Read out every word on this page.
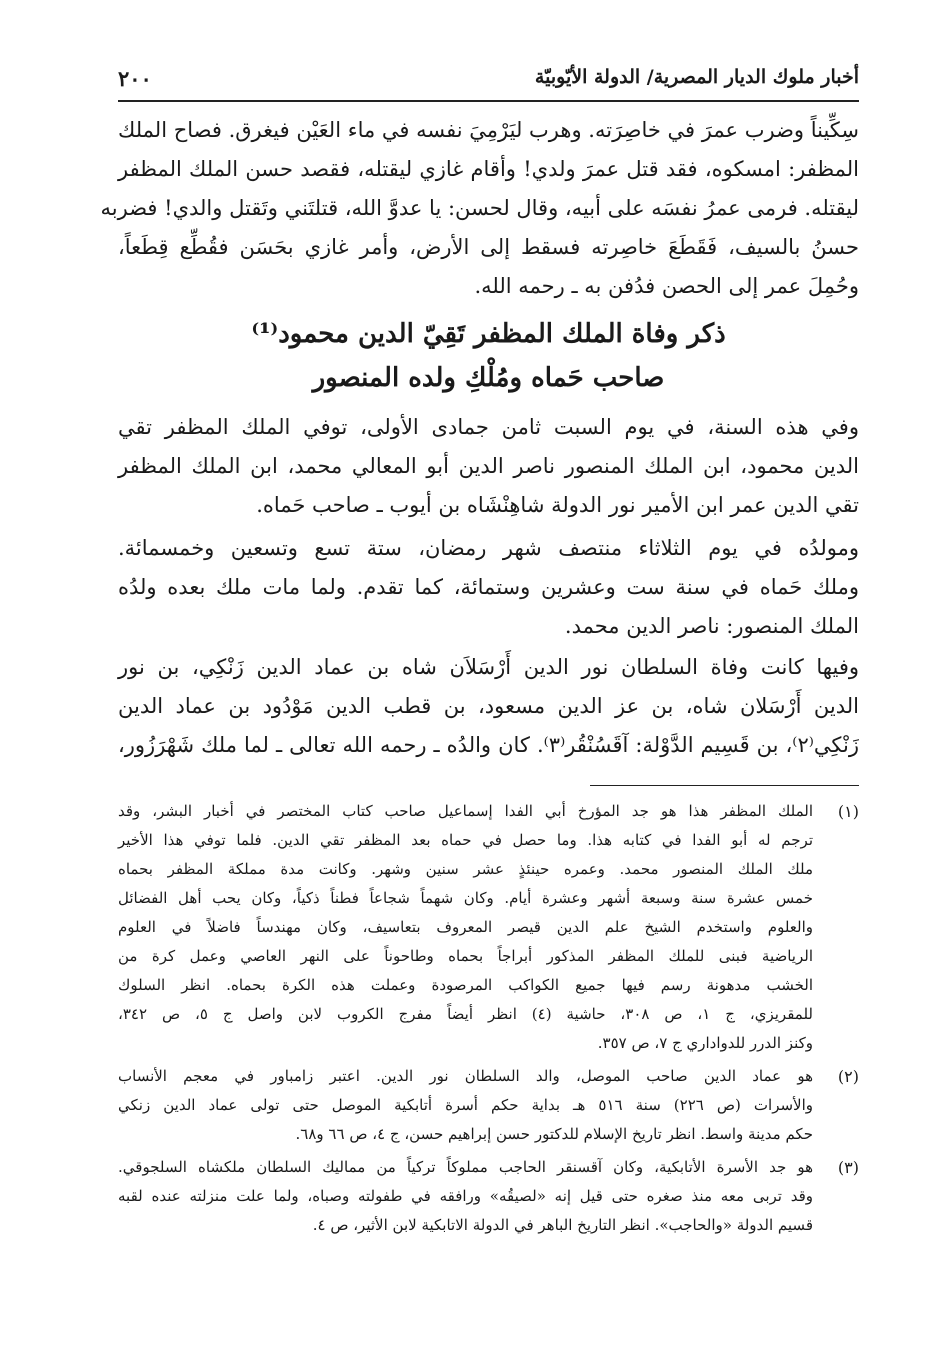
أخبار ملوك الديار المصرية/ الدولة الأيّوبيّة
٢٠٠
سِكِّيناً وضرب عمرَ في خاصِرَته. وهرب ليَرْمِيَ نفسه في ماء العَيْن فيغرق. فصاح الملك
المظفر: امسكوه، فقد قتل عمرَ ولدي! وأقام غازي ليقتله، فقصد حسن الملك المظفر
ليقتله. فرمى عمرُ نفسَه على أبيه، وقال لحسن: يا عدوَّ الله، قتلتَني وتَقتل والدي! فضربه
حسنُ بالسيف، فَقَطَعَ خاصِرته فسقط إلى الأرض، وأمر غازي بحَسَن فقُطِّع قِطَعاً،
وحُمِلَ عمر إلى الحصن فدُفن به ـ رحمه الله.
ذكر وفاة الملك المظفر تَقِيّ الدين محمود⁽¹⁾
صاحب حَماه ومُلْكِ ولده المنصور
وفي هذه السنة، في يوم السبت ثامن جمادى الأولى، توفي الملك المظفر تقي
الدين محمود، ابن الملك المنصور ناصر الدين أبو المعالي محمد، ابن الملك المظفر
تقي الدين عمر ابن الأمير نور الدولة شاهِنْشَاه بن أيوب ـ صاحب حَماه.
ومولدُه في يوم الثلاثاء منتصف شهر رمضان، ستة تسع وتسعين وخمسمائة.
وملك حَماه في سنة ست وعشرين وستمائة، كما تقدم. ولما مات ملك بعده ولدُه
الملك المنصور: ناصر الدين محمد.
وفيها كانت وفاة السلطان نور الدين أَرْسَلاَن شاه بن عماد الدين زَنْكِي، بن نور
الدين أَرْسَلان شاه، بن عز الدين مسعود، بن قطب الدين مَوْدُود بن عماد الدين
زَنْكِي⁽٢⁾، بن قَسِيم الدَّوْلة: آقَسُنْقُر⁽٣⁾. كان والدُه ـ رحمه الله تعالى ـ لما ملك شَهْرَزُور،
(١)
الملك المظفر هذا هو جد المؤرخ أبي الفدا إسماعيل صاحب كتاب المختصر في أخبار البشر، وقد
ترجم له أبو الفدا في كتابه هذا. وما حصل في حماه بعد المظفر تقي الدين. فلما توفي هذا الأخير
ملك الملك المنصور محمد. وعمره حينئذٍ عشر سنين وشهر. وكانت مدة مملكة المظفر بحماه
خمس عشرة سنة وسبعة أشهر وعشرة أيام. وكان شهماً شجاعاً فطناً ذكياً، وكان يحب أهل الفضائل
والعلوم واستخدم الشيخ علم الدين قيصر المعروف بتعاسيف، وكان مهندساً فاضلاً في العلوم
الرياضية فبنى للملك المظفر المذكور أبراجاً بحماه وطاحوناً على النهر العاصي وعمل كرة من
الخشب مدهونة رسم فيها جميع الكواكب المرصودة وعملت هذه الكرة بحماه. انظر السلوك
للمقريزي، ج ١، ص ٣٠٨، حاشية (٤) انظر أيضاً مفرج الكروب لابن واصل ج ٥، ص ٣٤٢،
وكنز الدرر للدواداري ج ٧، ص ٣٥٧.
(٢)
هو عماد الدين صاحب الموصل، والد السلطان نور الدين. اعتبر زامباور في معجم الأنساب
والأسرات (ص ٢٢٦) سنة ٥١٦ هـ بداية حكم أسرة أتابكية الموصل حتى تولى عماد الدين زنكي
حكم مدينة واسط. انظر تاريخ الإسلام للدكتور حسن إبراهيم حسن، ج ٤، ص ٦٦ و٦٨.
(٣)
هو جد الأسرة الأتابكية، وكان آقسنقر الحاجب مملوكاً تركياً من مماليك السلطان ملكشاه السلجوقي.
وقد تربى معه منذ صغره حتى قيل إنه «لصيقُه» ورافقه في طفولته وصباه، ولما علت منزلته عنده لقبه
قسيم الدولة «والحاجب». انظر التاريخ الباهر في الدولة الاتابكية لابن الأثير، ص ٤.
